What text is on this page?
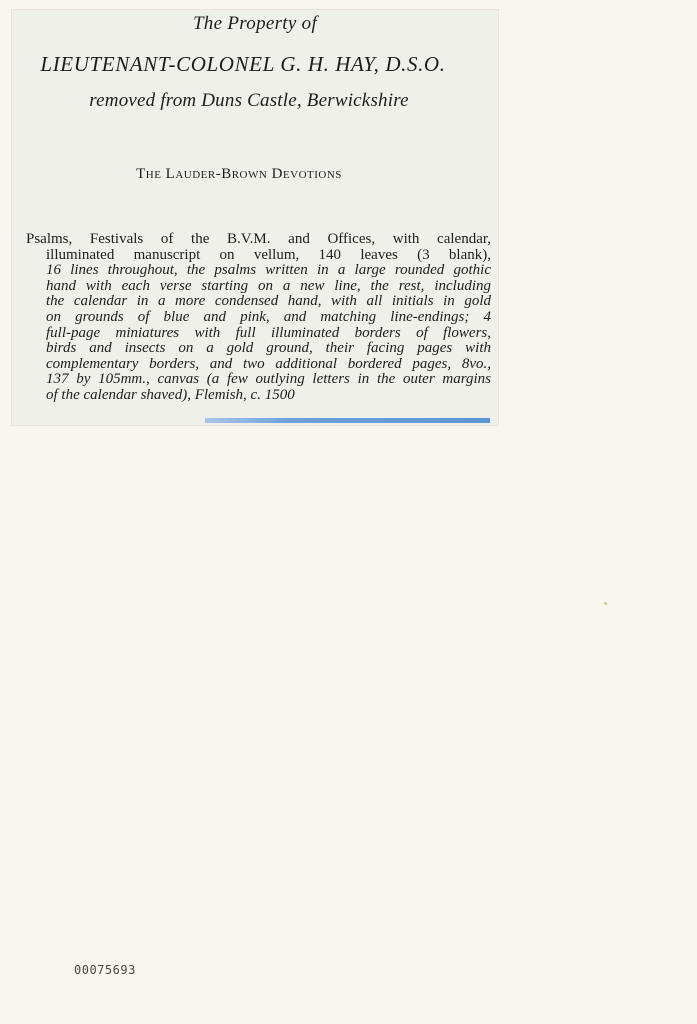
The Property of

LIEUTENANT-COLONEL G. H. HAY, D.S.O.

removed from Duns Castle, Berwickshire

The Lauder-Brown Devotions

Psalms, Festivals of the B.V.M. and Offices, with calendar,
illuminated manuscript on vellum, 140 leaves (3 blank),
16 lines throughout, the psalms written in a large rounded gothic
hand with each verse starting on a new line, the rest, including
the calendar in a more condensed hand, with all initials in gold
on grounds of blue and pink, and matching line-endings; 4
full-page miniatures with full illuminated borders of flowers,
birds and insects on a gold ground, their facing pages with
complementary borders, and two additional bordered pages, 8vo.,
137 by 105mm., canvas (a few outlying letters in the outer margins
of the calendar shaved), Flemish, c. 1500
00075693
